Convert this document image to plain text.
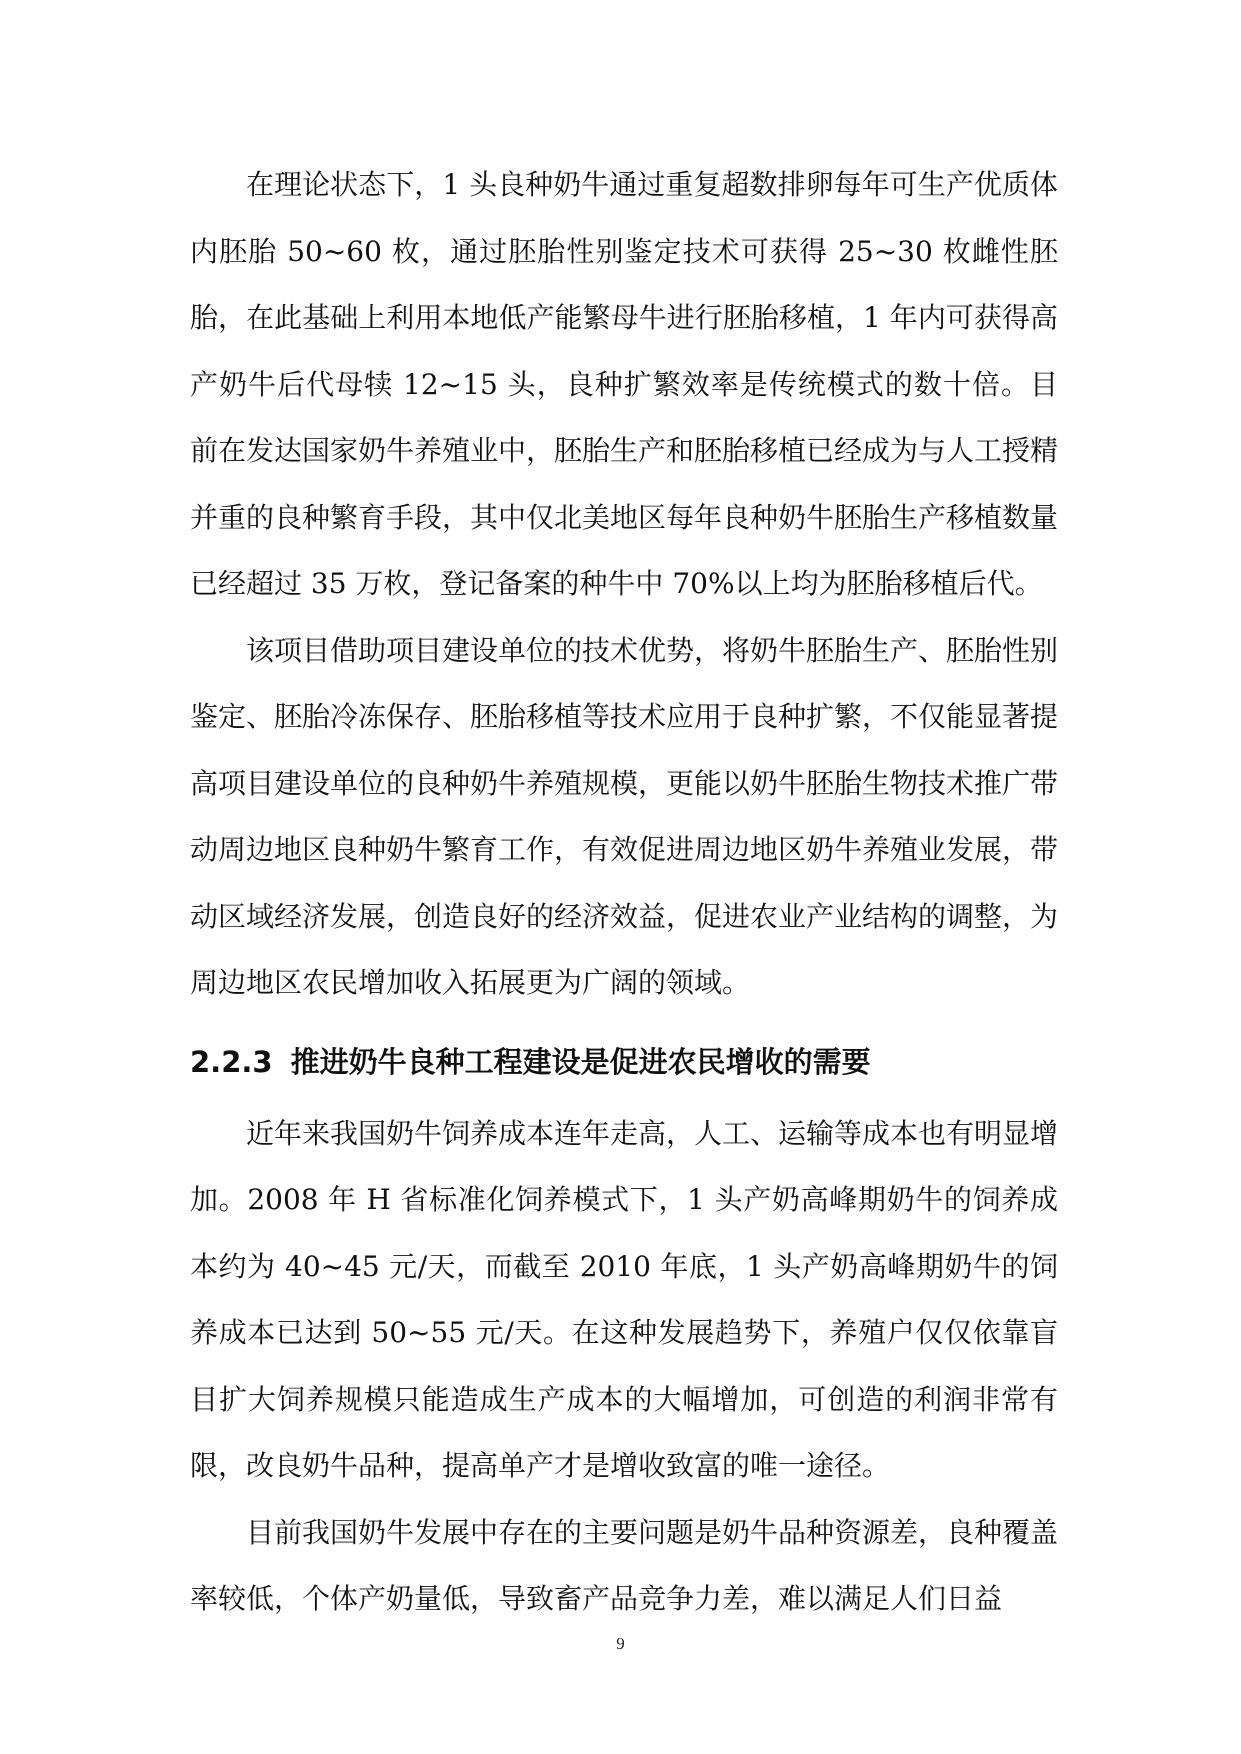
在理论状态下，1 头良种奶牛通过重复超数排卵每年可生产优质体内胚胎 50~60 枚，通过胚胎性别鉴定技术可获得 25~30 枚雌性胚胎，在此基础上利用本地低产能繁母牛进行胚胎移植，1 年内可获得高产奶牛后代母犊 12~15 头，良种扩繁效率是传统模式的数十倍。目前在发达国家奶牛养殖业中，胚胎生产和胚胎移植已经成为与人工授精并重的良种繁育手段，其中仅北美地区每年良种奶牛胚胎生产移植数量已经超过 35 万枚，登记备案的种牛中 70%以上均为胚胎移植后代。

该项目借助项目建设单位的技术优势，将奶牛胚胎生产、胚胎性别鉴定、胚胎冷冻保存、胚胎移植等技术应用于良种扩繁，不仅能显著提高项目建设单位的良种奶牛养殖规模，更能以奶牛胚胎生物技术推广带动周边地区良种奶牛繁育工作，有效促进周边地区奶牛养殖业发展，带动区域经济发展，创造良好的经济效益，促进农业产业结构的调整，为周边地区农民增加收入拓展更为广阔的领域。

2.2.3 推进奶牛良种工程建设是促进农民增收的需要

近年来我国奶牛饲养成本连年走高，人工、运输等成本也有明显增加。2008 年 H 省标准化饲养模式下，1 头产奶高峰期奶牛的饲养成本约为 40~45 元/天，而截至 2010 年底，1 头产奶高峰期奶牛的饲养成本已达到 50~55 元/天。在这种发展趋势下，养殖户仅仅依靠盲目扩大饲养规模只能造成生产成本的大幅增加，可创造的利润非常有限，改良奶牛品种，提高单产才是增收致富的唯一途径。

目前我国奶牛发展中存在的主要问题是奶牛品种资源差，良种覆盖率较低，个体产奶量低，导致畜产品竞争力差，难以满足人们日益

9
